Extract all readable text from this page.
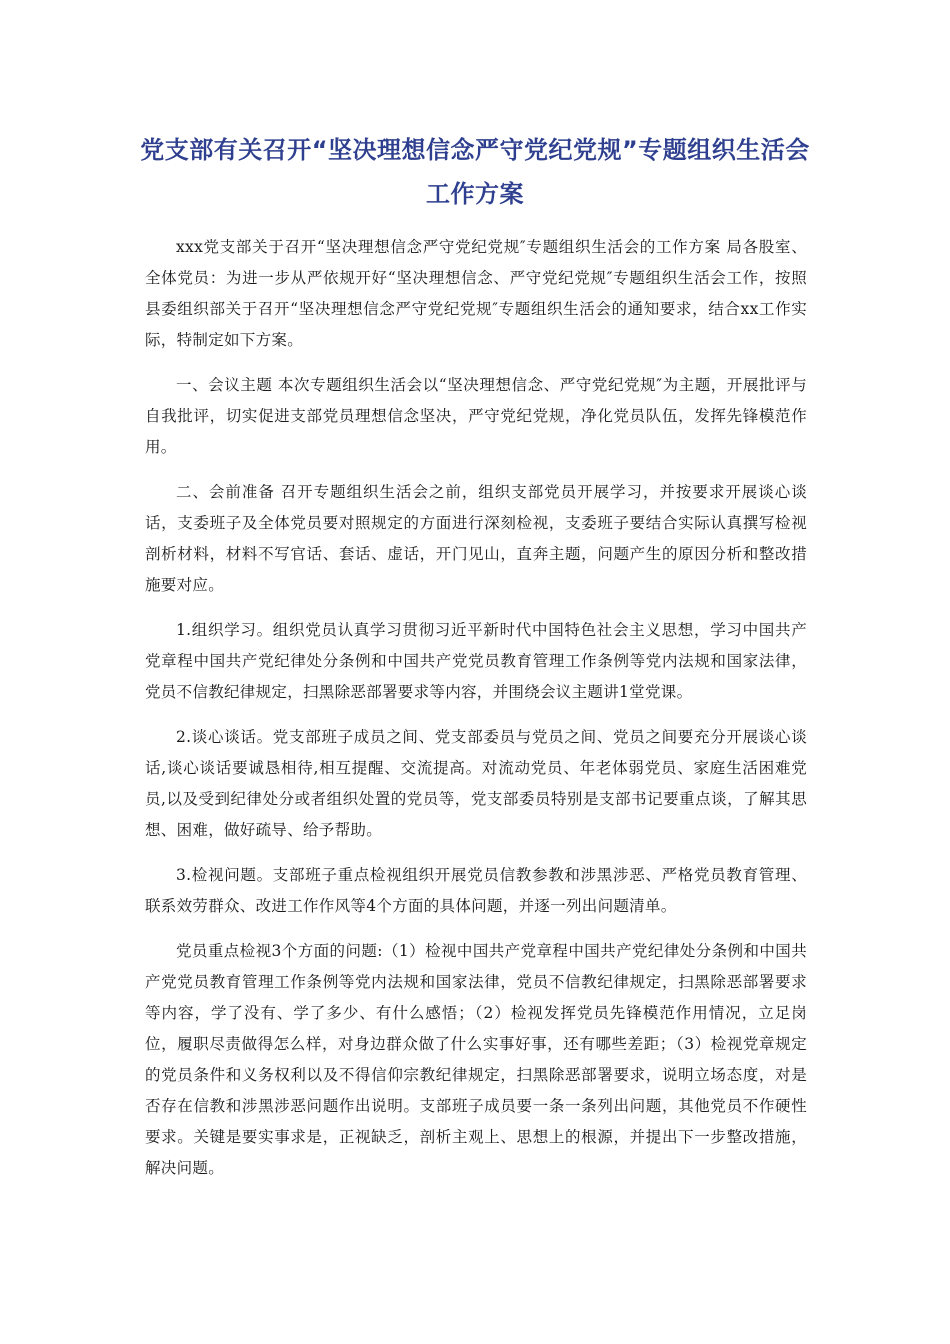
党支部有关召开“坚决理想信念严守党纪党规”专题组织生活会工作方案

xxx党支部关于召开“坚决理想信念严守党纪党规″专题组织生活会的工作方案 局各股室、全体党员：为进一步从严依规开好“坚决理想信念、严守党纪党规″专题组织生活会工作，按照县委组织部关于召开“坚决理想信念严守党纪党规″专题组织生活会的通知要求，结合xx工作实际，特制定如下方案。

一、会议主题 本次专题组织生活会以“坚决理想信念、严守党纪党规″为主题，开展批评与自我批评，切实促进支部党员理想信念坚决，严守党纪党规，净化党员队伍，发挥先锋模范作用。

二、会前准备 召开专题组织生活会之前，组织支部党员开展学习，并按要求开展谈心谈话，支委班子及全体党员要对照规定的方面进行深刻检视，支委班子要结合实际认真撰写检视剖析材料，材料不写官话、套话、虚话，开门见山，直奔主题，问题产生的原因分析和整改措施要对应。

1.组织学习。组织党员认真学习贯彻习近平新时代中国特色社会主义思想，学习中国共产党章程中国共产党纪律处分条例和中国共产党党员教育管理工作条例等党内法规和国家法律，党员不信教纪律规定，扫黑除恶部署要求等内容，并围绕会议主题讲1堂党课。

2.谈心谈话。党支部班子成员之间、党支部委员与党员之间、党员之间要充分开展谈心谈话,谈心谈话要诚恳相待,相互提醒、交流提高。对流动党员、年老体弱党员、家庭生活困难党员,以及受到纪律处分或者组织处置的党员等，党支部委员特别是支部书记要重点谈，了解其思想、困难，做好疏导、给予帮助。

3.检视问题。支部班子重点检视组织开展党员信教参教和涉黑涉恶、严格党员教育管理、联系效劳群众、改进工作作风等4个方面的具体问题，并逐一列出问题清单。

党员重点检视3个方面的问题:（1）检视中国共产党章程中国共产党纪律处分条例和中国共产党党员教育管理工作条例等党内法规和国家法律，党员不信教纪律规定，扫黑除恶部署要求等内容，学了没有、学了多少、有什么感悟；（2）检视发挥党员先锋模范作用情况，立足岗位，履职尽责做得怎么样，对身边群众做了什么实事好事，还有哪些差距；（3）检视党章规定的党员条件和义务权利以及不得信仰宗教纪律规定，扫黑除恶部署要求，说明立场态度，对是否存在信教和涉黑涉恶问题作出说明。支部班子成员要一条一条列出问题，其他党员不作硬性要求。关键是要实事求是，正视缺乏，剖析主观上、思想上的根源，并提出下一步整改措施，解决问题。
